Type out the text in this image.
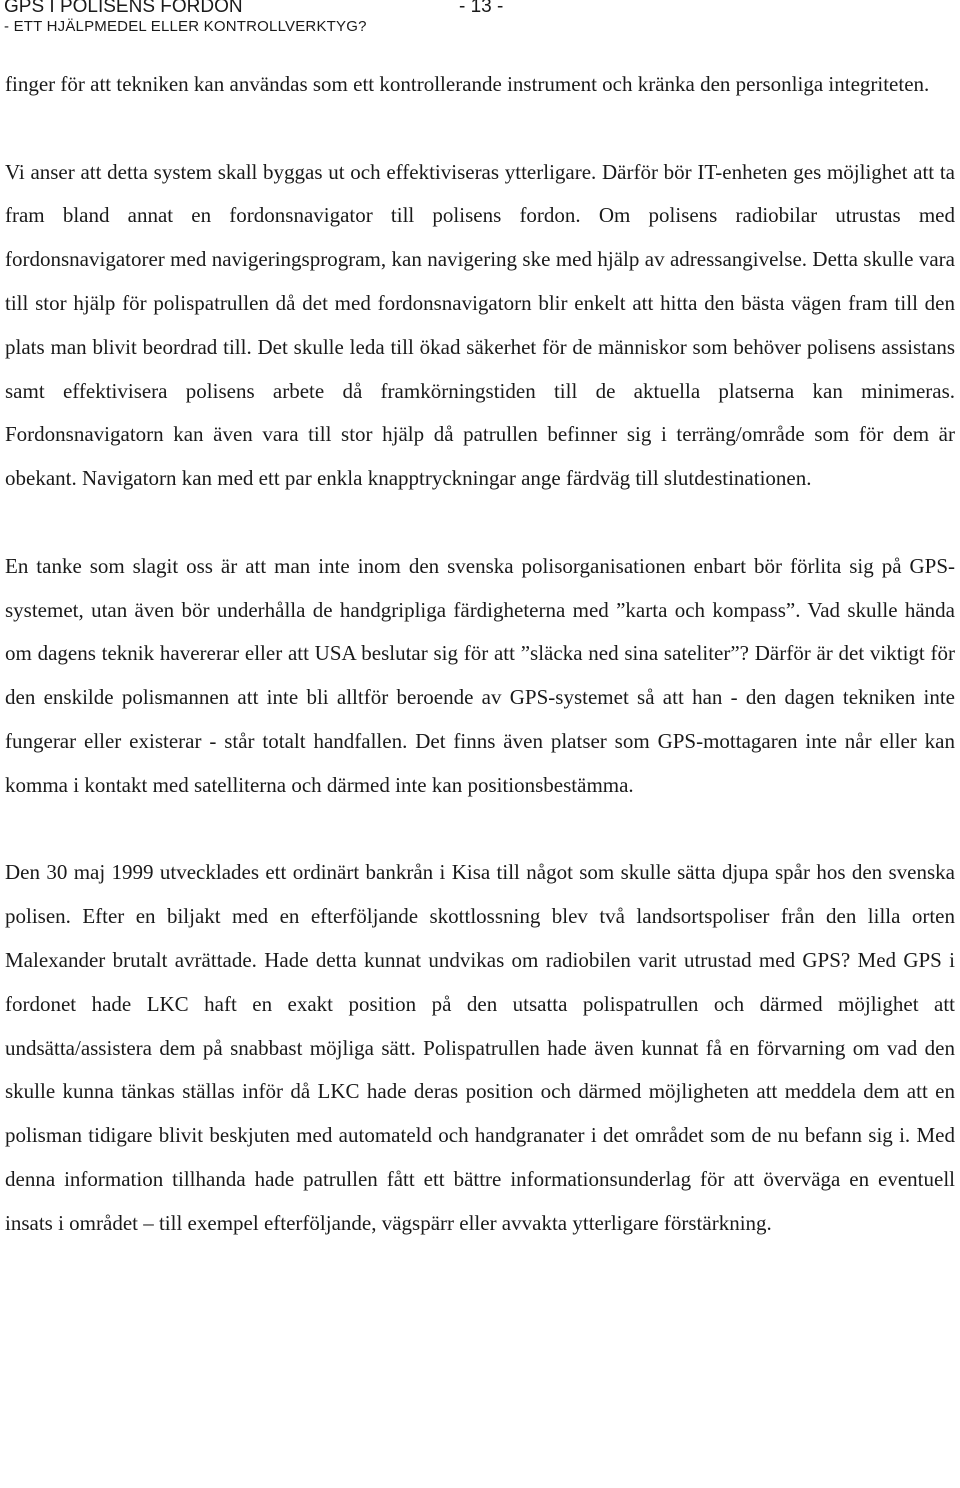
GPS I POLISENS FORDON	- 13 -
- ETT HJÄLPMEDEL ELLER KONTROLLVERKTYG?

finger för att tekniken kan användas som ett kontrollerande instrument och kränka den personliga integriteten.

Vi anser att detta system skall byggas ut och effektiviseras ytterligare. Därför bör IT-enheten ges möjlighet att ta fram bland annat en fordonsnavigator till polisens fordon. Om polisens radiobilar utrustas med fordonsnavigatorer med navigeringsprogram, kan navigering ske med hjälp av adressangivelse. Detta skulle vara till stor hjälp för polispatrullen då det med fordonsnavigatorn blir enkelt att hitta den bästa vägen fram till den plats man blivit beordrad till. Det skulle leda till ökad säkerhet för de människor som behöver polisens assistans samt effektivisera polisens arbete då framkörningstiden till de aktuella platserna kan minimeras. Fordonsnavigatorn kan även vara till stor hjälp då patrullen befinner sig i terräng/område som för dem är obekant. Navigatorn kan med ett par enkla knapptryckningar ange färdväg till slutdestinationen.

En tanke som slagit oss är att man inte inom den svenska polisorganisationen enbart bör förlita sig på GPS-systemet, utan även bör underhålla de handgripliga färdigheterna med ”karta och kompass”. Vad skulle hända om dagens teknik havererar eller att USA beslutar sig för att ”släcka ned sina sateliter”? Därför är det viktigt för den enskilde polismannen att inte bli alltför beroende av GPS-systemet så att han - den dagen tekniken inte fungerar eller existerar - står totalt handfallen. Det finns även platser som GPS-mottagaren inte når eller kan komma i kontakt med satelliterna och därmed inte kan positionsbestämma.

Den 30 maj 1999 utvecklades ett ordinärt bankrån i Kisa till något som skulle sätta djupa spår hos den svenska polisen. Efter en biljakt med en efterföljande skottlossning blev två landsortspoliser från den lilla orten Malexander brutalt avrättade. Hade detta kunnat undvikas om radiobilen varit utrustad med GPS? Med GPS i fordonet hade LKC haft en exakt position på den utsatta polispatrullen och därmed möjlighet att undsätta/assistera dem på snabbast möjliga sätt. Polispatrullen hade även kunnat få en förvarning om vad den skulle kunna tänkas ställas inför då LKC hade deras position och därmed möjligheten att meddela dem att en polisman tidigare blivit beskjuten med automateld och handgranater i det området som de nu befann sig i. Med denna information tillhanda hade patrullen fått ett bättre informationsunderlag för att överväga en eventuell insats i området – till exempel efterföljande, vägspärr eller avvakta ytterligare förstärkning.
